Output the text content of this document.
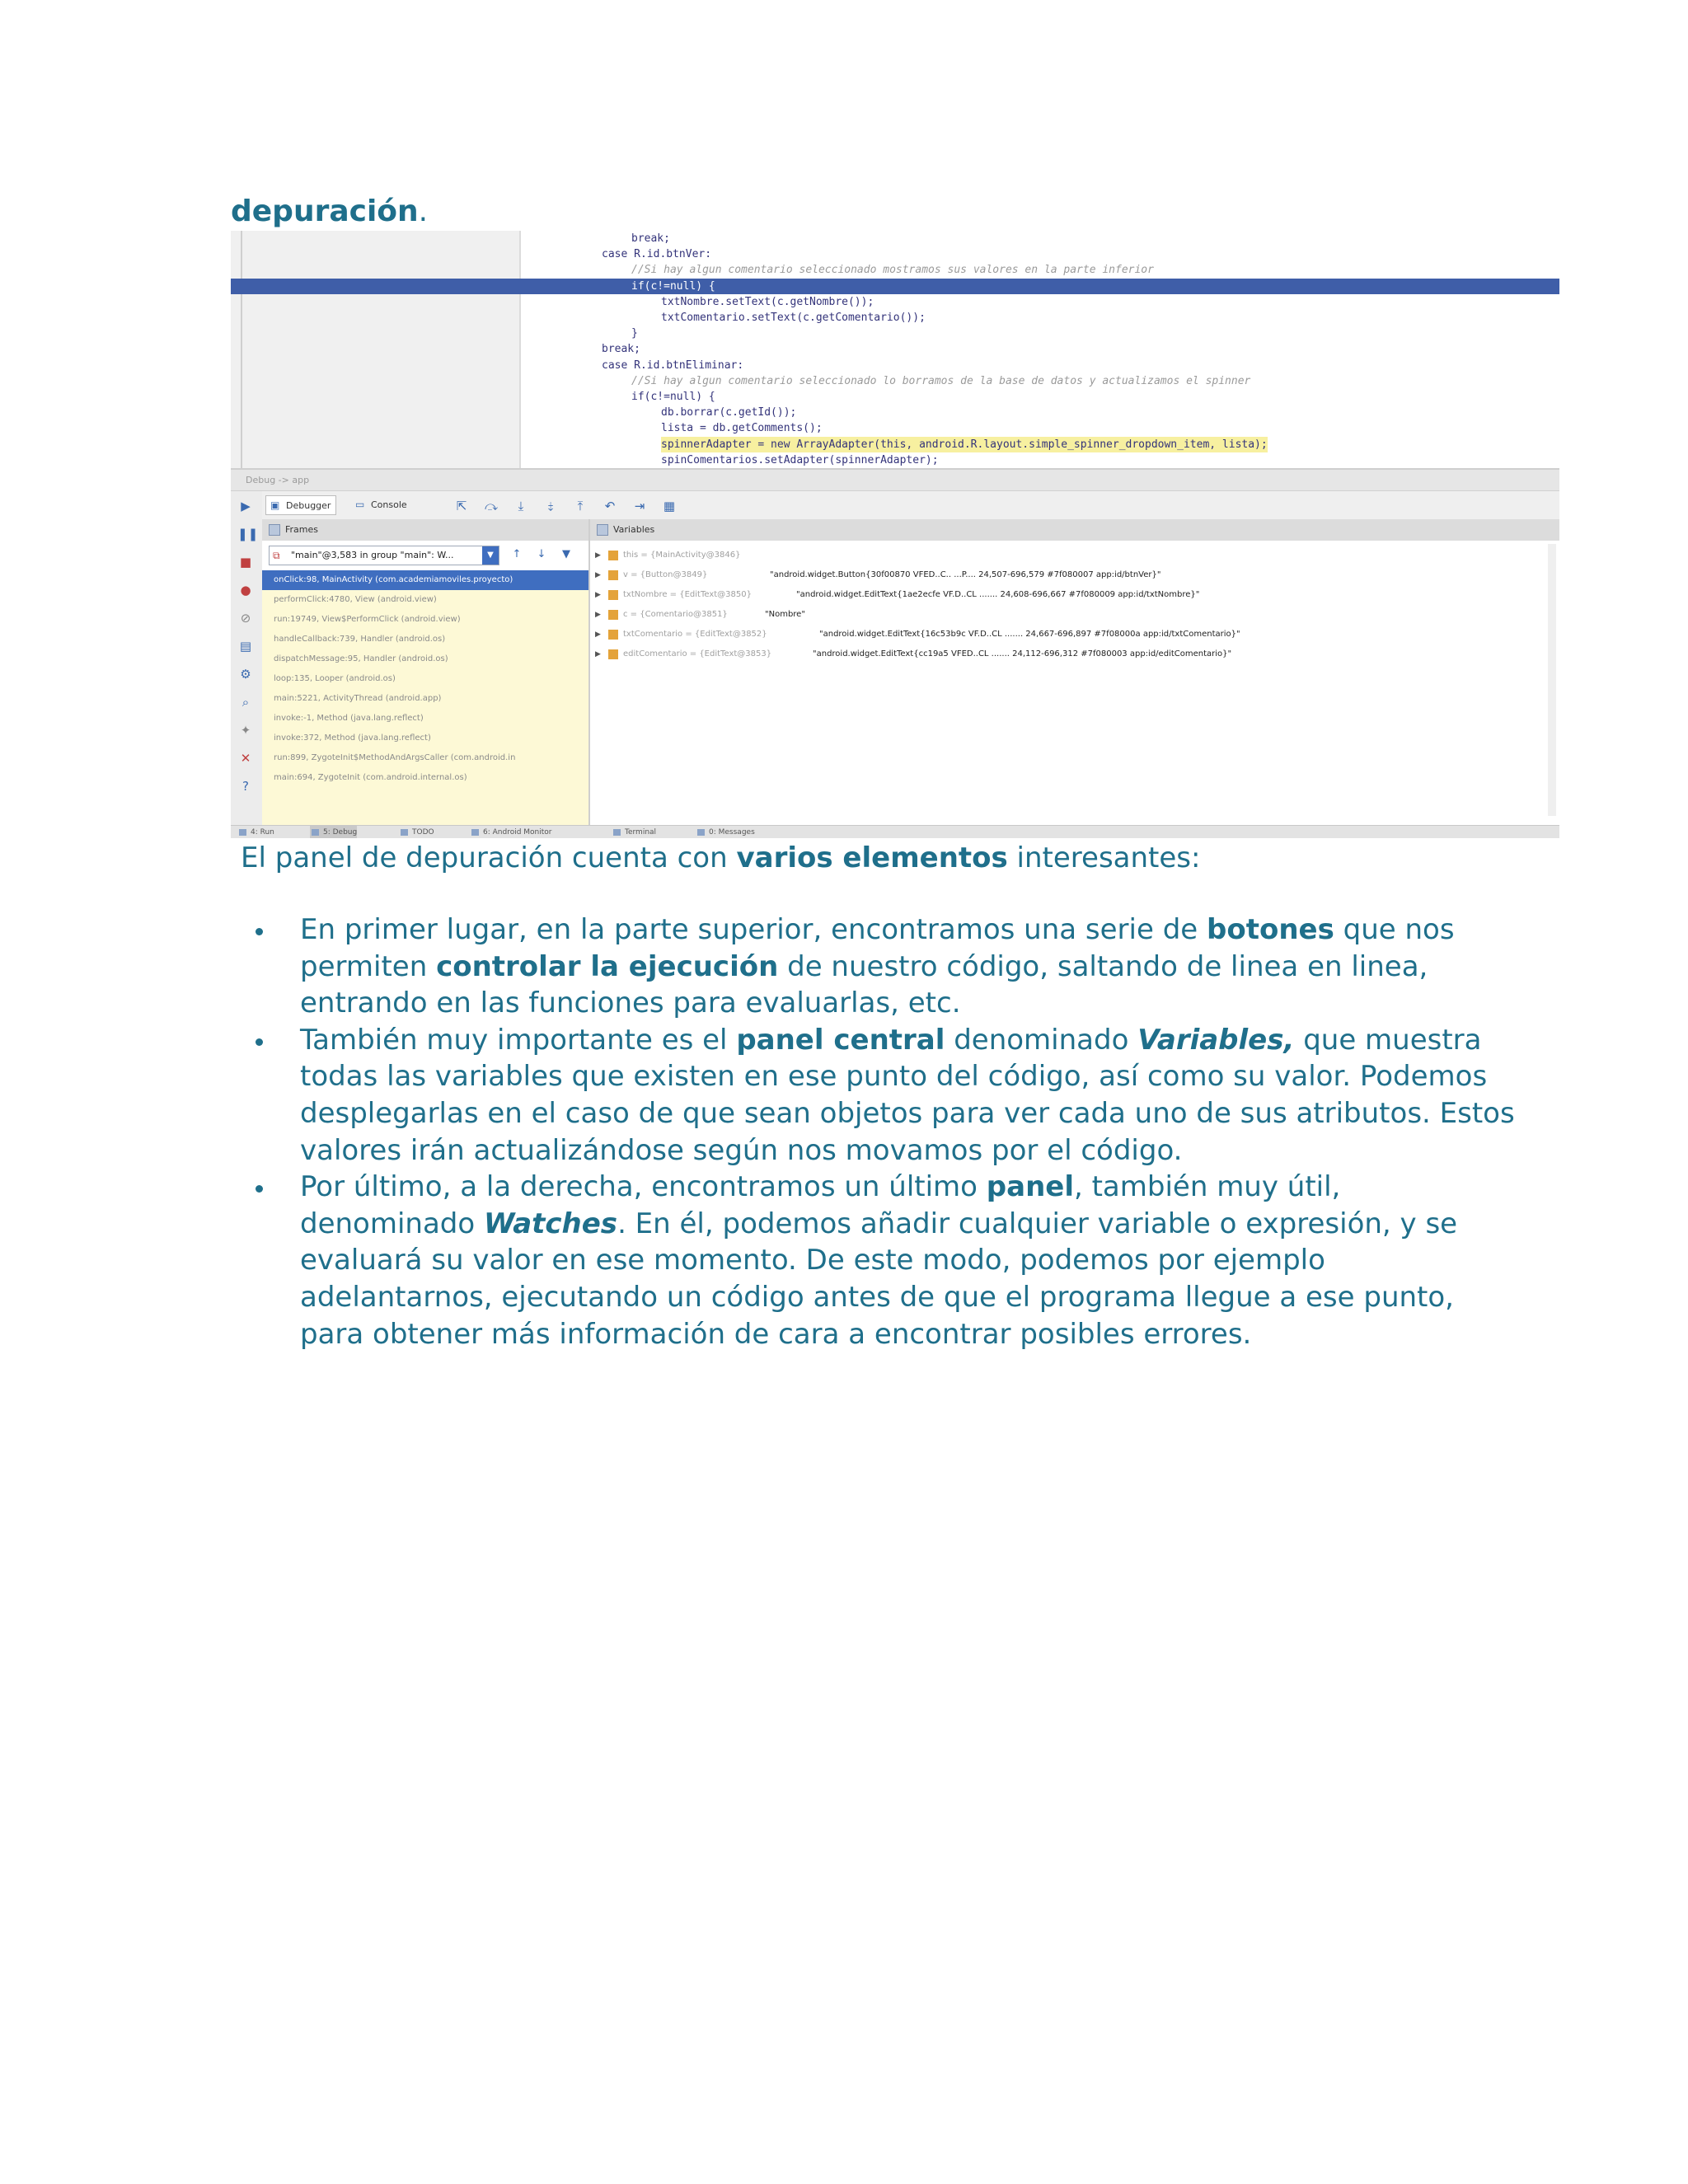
depuración.
break;
case R.id.btnVer:
//Si hay algun comentario seleccionado mostramos sus valores en la parte inferior
if(c!=null) {
txtNombre.setText(c.getNombre());
txtComentario.setText(c.getComentario());
}
break;
case R.id.btnEliminar:
//Si hay algun comentario seleccionado lo borramos de la base de datos y actualizamos el spinner
if(c!=null) {
db.borrar(c.getId());
lista = db.getComments();
spinnerAdapter = new ArrayAdapter(this, android.R.layout.simple_spinner_dropdown_item, lista);
spinComentarios.setAdapter(spinnerAdapter);
Debug -> app
▶
❚❚
■
●
⊘
▤
⚙
⌕
✦
✕
?
▣ Debugger	▭ Console	⇱ ⤼	⤓	⤈	⤒	↶ ⇥ ▦
Frames
⧉	"main"@3,583 in group "main": W...	▼	↑ ↓	▼
onClick:98, MainActivity (com.academiamoviles.proyecto)
performClick:4780, View (android.view)
run:19749, View$PerformClick (android.view)
handleCallback:739, Handler (android.os)
dispatchMessage:95, Handler (android.os)
loop:135, Looper (android.os)
main:5221, ActivityThread (android.app)
invoke:-1, Method (java.lang.reflect)
invoke:372, Method (java.lang.reflect)
run:899, ZygoteInit$MethodAndArgsCaller (com.android.in
main:694, ZygoteInit (com.android.internal.os)
Variables
▶	this = {MainActivity@3846}
▶	v = {Button@3849}	"android.widget.Button{30f00870 VFED..C.. ...P.... 24,507-696,579 #7f080007 app:id/btnVer}"
▶	txtNombre = {EditText@3850}	"android.widget.EditText{1ae2ecfe VF.D..CL ....... 24,608-696,667 #7f080009 app:id/txtNombre}"
▶	c = {Comentario@3851}	"Nombre"
▶	txtComentario = {EditText@3852}	"android.widget.EditText{16c53b9c VF.D..CL ....... 24,667-696,897 #7f08000a app:id/txtComentario}"
▶	editComentario = {EditText@3853}	"android.widget.EditText{cc19a5 VFED..CL ....... 24,112-696,312 #7f080003 app:id/editComentario}"
4: Run	5: Debug	TODO	6: Android Monitor	Terminal	0: Messages
El panel de depuración cuenta con varios elementos interesantes:
En primer lugar, en la parte superior, encontramos una serie de botones que nos permiten controlar la ejecución de nuestro código, saltando de linea en linea, entrando en las funciones para evaluarlas, etc.
También muy importante es el panel central denominado Variables, que muestra todas las variables que existen en ese punto del código, así como su valor. Podemos desplegarlas en el caso de que sean objetos para ver cada uno de sus atributos. Estos valores irán actualizándose según nos movamos por el código.
Por último, a la derecha, encontramos un último panel, también muy útil, denominado Watches. En él, podemos añadir cualquier variable o expresión, y se evaluará su valor en ese momento. De este modo, podemos por ejemplo adelantarnos, ejecutando un código antes de que el programa llegue a ese punto, para obtener más información de cara a encontrar posibles errores.
